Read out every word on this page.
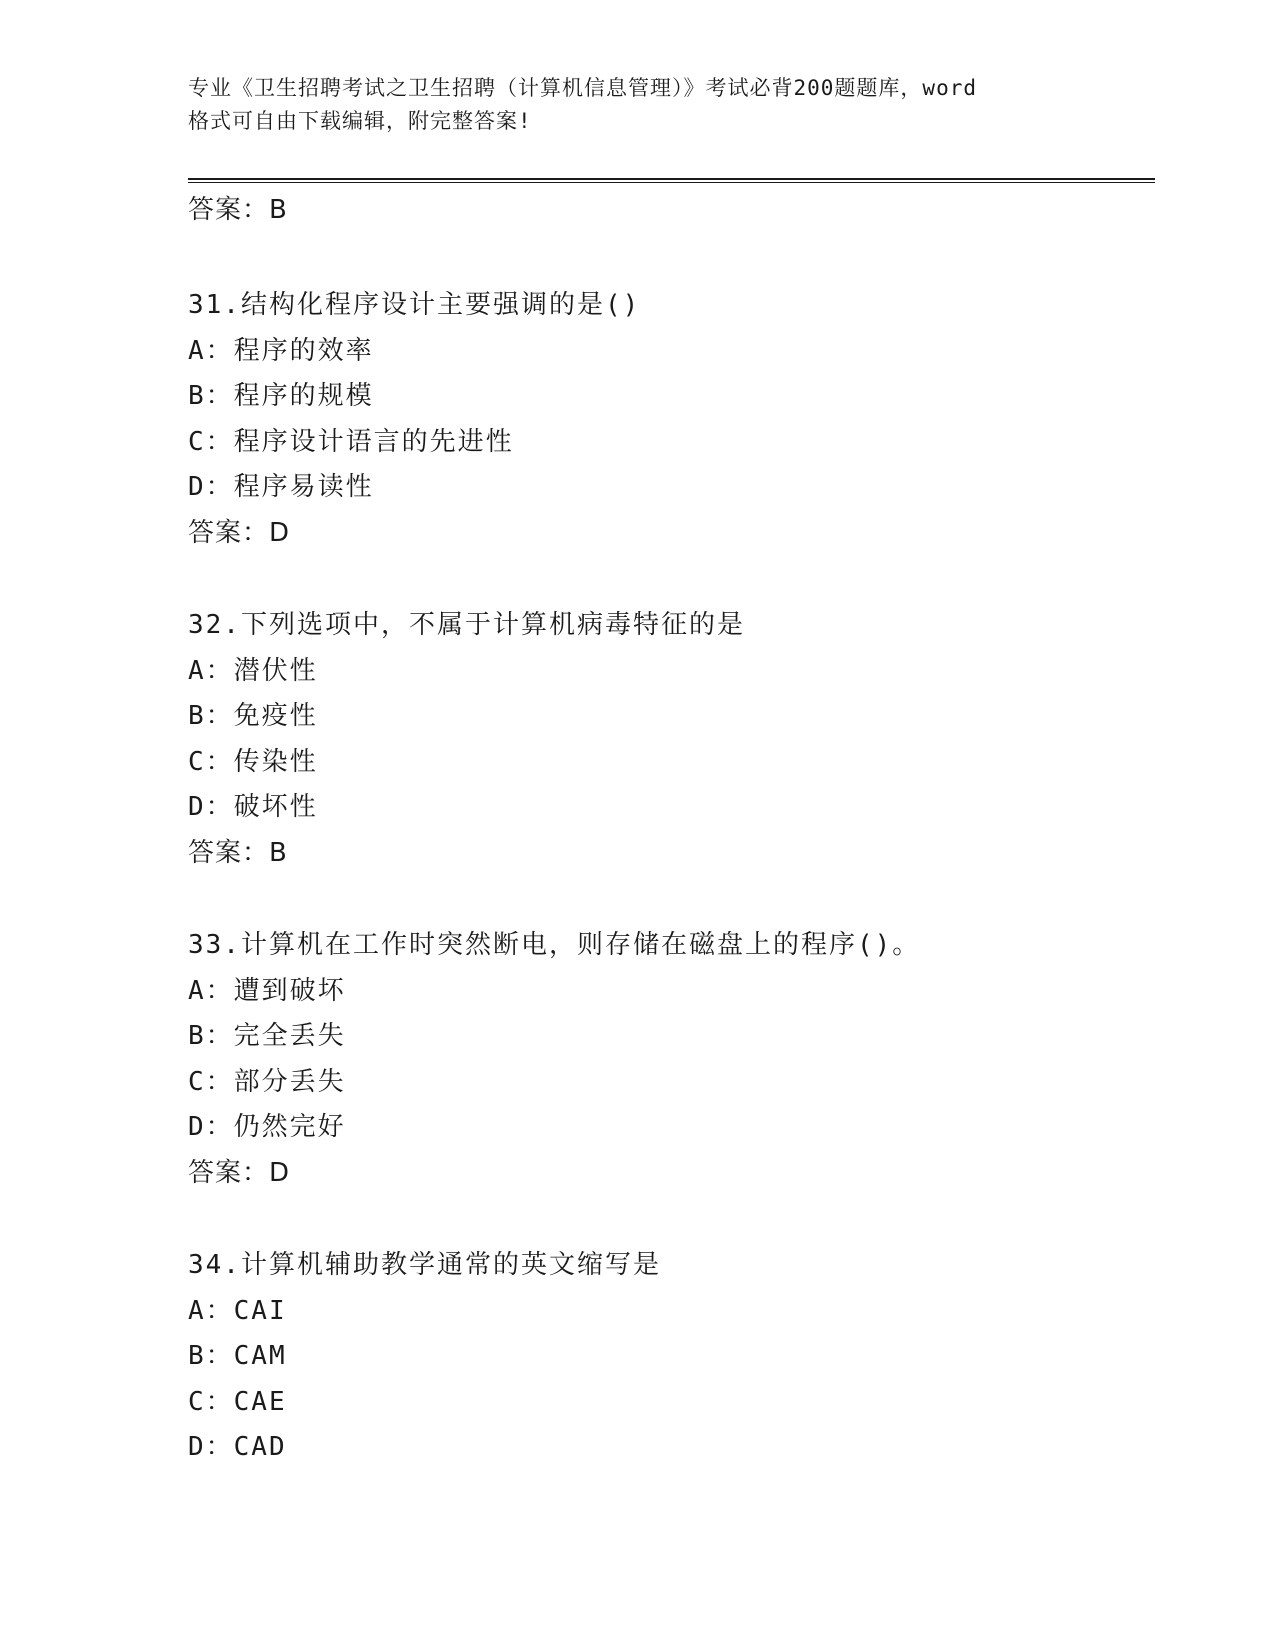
专业《卫生招聘考试之卫生招聘（计算机信息管理）》考试必背200题题库，word
格式可自由下载编辑，附完整答案!
答案：B
31.结构化程序设计主要强调的是()
A：程序的效率
B：程序的规模
C：程序设计语言的先进性
D：程序易读性
答案：D
32.下列选项中，不属于计算机病毒特征的是
A：潜伏性
B：免疫性
C：传染性
D：破坏性
答案：B
33.计算机在工作时突然断电，则存储在磁盘上的程序()。
A：遭到破坏
B：完全丢失
C：部分丢失
D：仍然完好
答案：D
34.计算机辅助教学通常的英文缩写是
A：CAI
B：CAM
C：CAE
D：CAD
